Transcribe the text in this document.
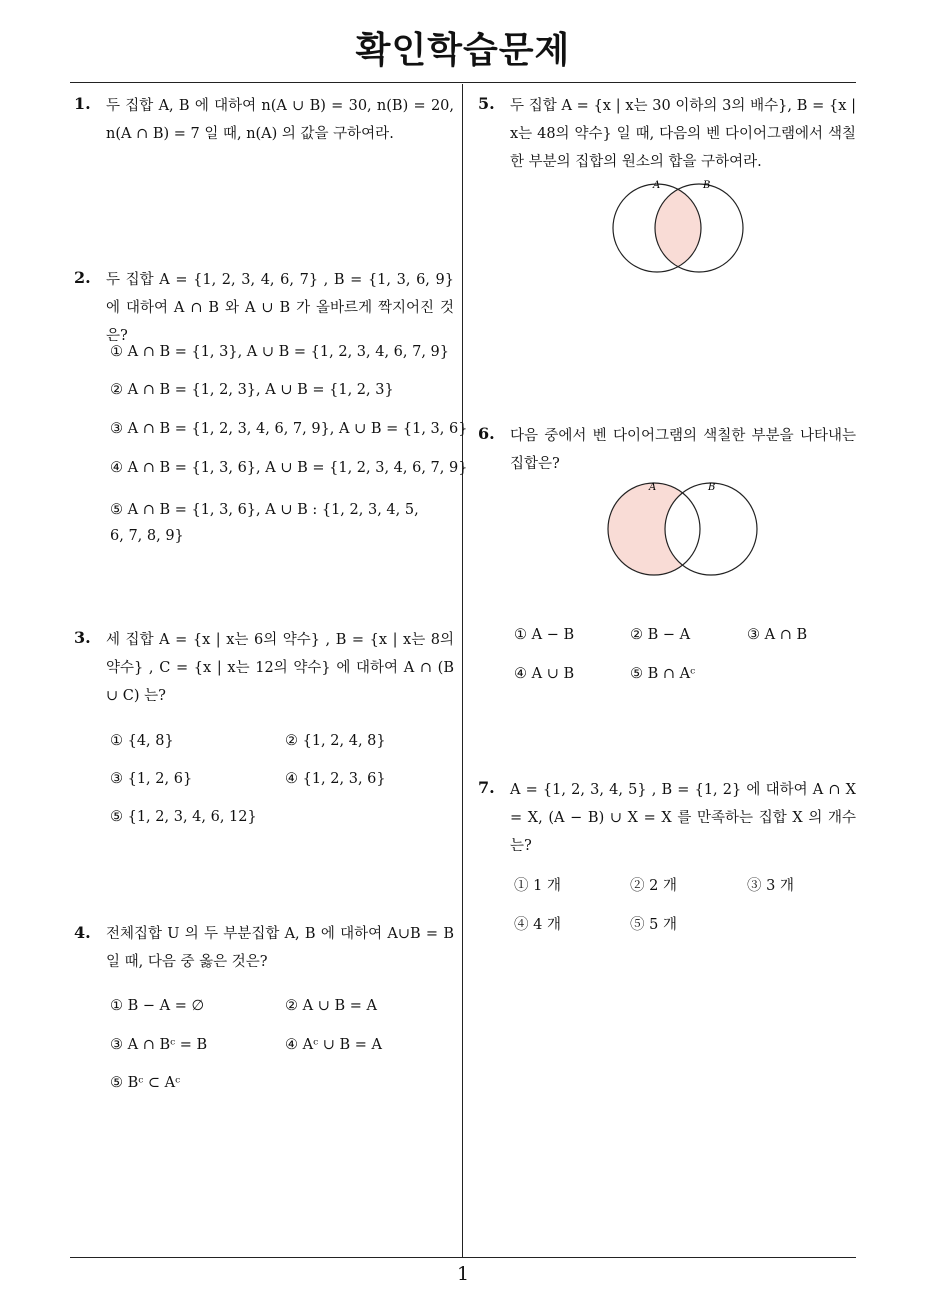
확인학습문제
1
1. 두 집합 A, B 에 대하여 n(A ∪ B) = 30, n(B) = 20, n(A ∩ B) = 7 일 때, n(A) 의 값을 구하여라.
2. 두 집합 A = {1, 2, 3, 4, 6, 7} , B = {1, 3, 6, 9} 에 대하여 A ∩ B 와 A ∪ B 가 올바르게 짝지어진 것은?
① A ∩ B = {1, 3}, A ∪ B = {1, 2, 3, 4, 6, 7, 9}
② A ∩ B = {1, 2, 3}, A ∪ B = {1, 2, 3}
③ A ∩ B = {1, 2, 3, 4, 6, 7, 9}, A ∪ B = {1, 3, 6}
④ A ∩ B = {1, 3, 6}, A ∪ B = {1, 2, 3, 4, 6, 7, 9}
⑤ A ∩ B = {1, 3, 6}, A ∪ B : {1, 2, 3, 4, 5, 6, 7, 8, 9}
3. 세 집합 A = {x | x는 6의 약수} , B = {x | x는 8의 약수} , C = {x | x는 12의 약수} 에 대하여 A ∩ (B ∪ C) 는?
① {4, 8}	② {1, 2, 4, 8}
③ {1, 2, 6}	④ {1, 2, 3, 6}
⑤ {1, 2, 3, 4, 6, 12}
4. 전체집합 U 의 두 부분집합 A, B 에 대하여 A∪B = B 일 때, 다음 중 옳은 것은?
① B − A = ∅	② A ∪ B = A
③ A ∩ Bᶜ = B	④ Aᶜ ∪ B = A
⑤ Bᶜ ⊂ Aᶜ
5. 두 집합 A = {x | x는 30 이하의 3의 배수}, B = {x | x는 48의 약수} 일 때, 다음의 벤 다이어그램에서 색칠한 부분의 집합의 원소의 합을 구하여라.
A	B
6. 다음 중에서 벤 다이어그램의 색칠한 부분을 나타내는 집합은?
A	B
① A − B	② B − A	③ A ∩ B
④ A ∪ B	⑤ B ∩ Aᶜ
7. A = {1, 2, 3, 4, 5} , B = {1, 2} 에 대하여 A ∩ X = X, (A − B) ∪ X = X 를 만족하는 집합 X 의 개수는?
① 1 개	② 2 개	③ 3 개
④ 4 개	⑤ 5 개
